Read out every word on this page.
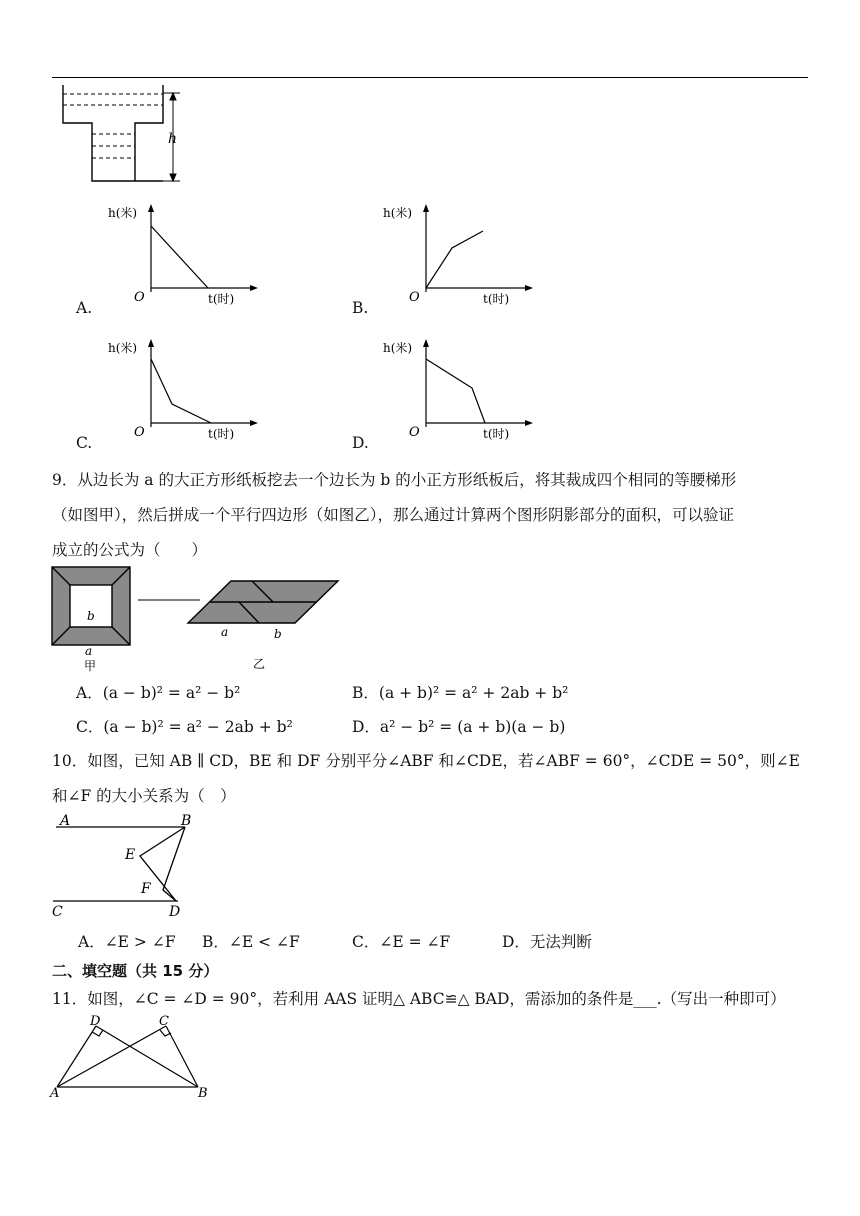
h
A.
h(米)
O	t(时)	B.
h(米)
O	t(时)
C.
h(米)
O	t(时)	D.
h(米)
O	t(时)
9．从边长为 a 的大正方形纸板挖去一个边长为 b 的小正方形纸板后，将其裁成四个相同的等腰梯形
（如图甲），然后拼成一个平行四边形（如图乙），那么通过计算两个图形阴影部分的面积，可以验证
成立的公式为（　　）
b
a
甲
a	b
乙
A．(a − b)² = a² − b²	B．(a + b)² = a² + 2ab + b²
C．(a − b)² = a² − 2ab + b²	D．a² − b² = (a + b)(a − b)
10．如图，已知 AB ∥ CD，BE 和 DF 分别平分∠ABF 和∠CDE，若∠ABF = 60°，∠CDE = 50°，则∠E
和∠F 的大小关系为（　）
A	B
E
F
C	D
A．∠E > ∠F B．∠E < ∠F	C．∠E = ∠F	D．无法判断
二、填空题（共 15 分）
11．如图，∠C = ∠D = 90°，若利用 AAS 证明△ ABC≌△ BAD，需添加的条件是___.（写出一种即可）
D	C
A	B
